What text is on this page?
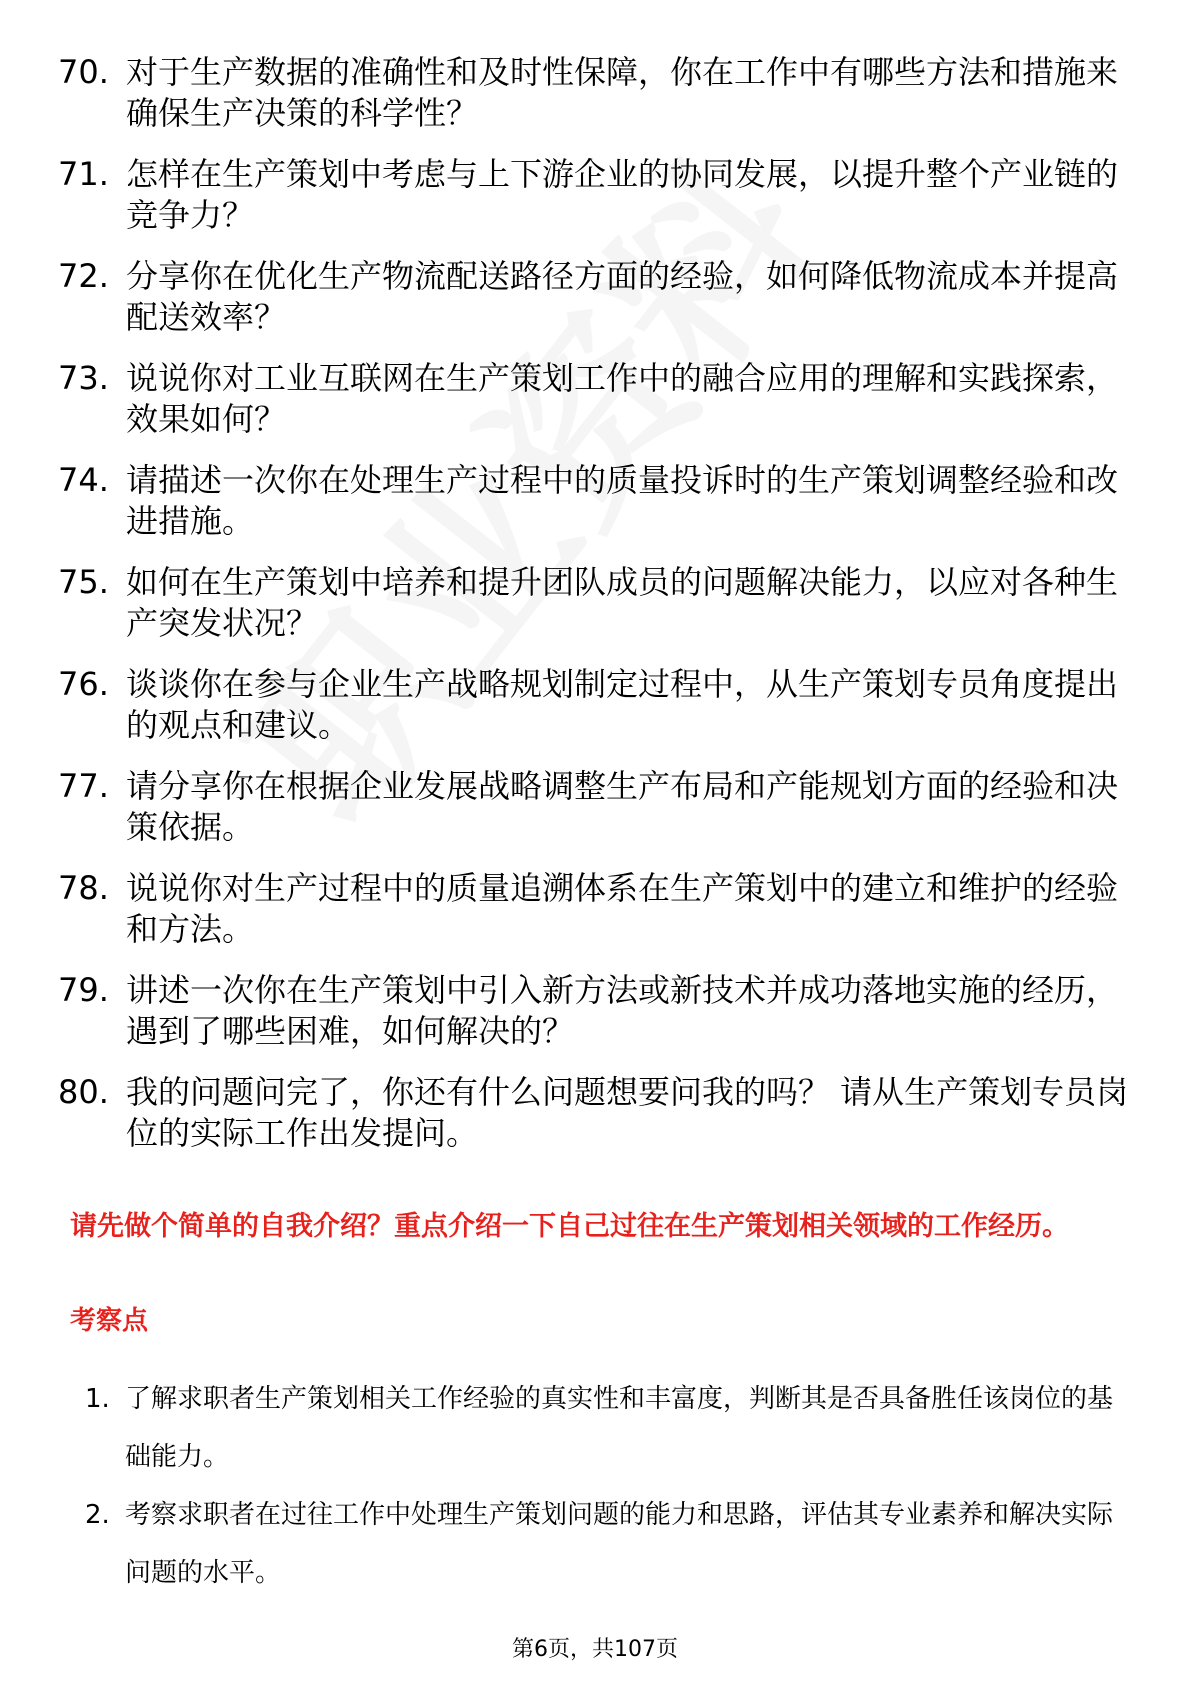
70. 对于生产数据的准确性和及时性保障，你在工作中有哪些方法和措施来确保生产决策的科学性？
71. 怎样在生产策划中考虑与上下游企业的协同发展，以提升整个产业链的竞争力？
72. 分享你在优化生产物流配送路径方面的经验，如何降低物流成本并提高配送效率？
73. 说说你对工业互联网在生产策划工作中的融合应用的理解和实践探索，效果如何？
74. 请描述一次你在处理生产过程中的质量投诉时的生产策划调整经验和改进措施。
75. 如何在生产策划中培养和提升团队成员的问题解决能力，以应对各种生产突发状况？
76. 谈谈你在参与企业生产战略规划制定过程中，从生产策划专员角度提出的观点和建议。
77. 请分享你在根据企业发展战略调整生产布局和产能规划方面的经验和决策依据。
78. 说说你对生产过程中的质量追溯体系在生产策划中的建立和维护的经验和方法。
79. 讲述一次你在生产策划中引入新方法或新技术并成功落地实施的经历，遇到了哪些困难，如何解决的？
80. 我的问题问完了，你还有什么问题想要问我的吗？ 请从生产策划专员岗位的实际工作出发提问。

请先做个简单的自我介绍？重点介绍一下自己过往在生产策划相关领域的工作经历。

考察点

1. 了解求职者生产策划相关工作经验的真实性和丰富度，判断其是否具备胜任该岗位的基础能力。
2. 考察求职者在过往工作中处理生产策划问题的能力和思路，评估其专业素养和解决实际问题的水平。
第6页，共107页
